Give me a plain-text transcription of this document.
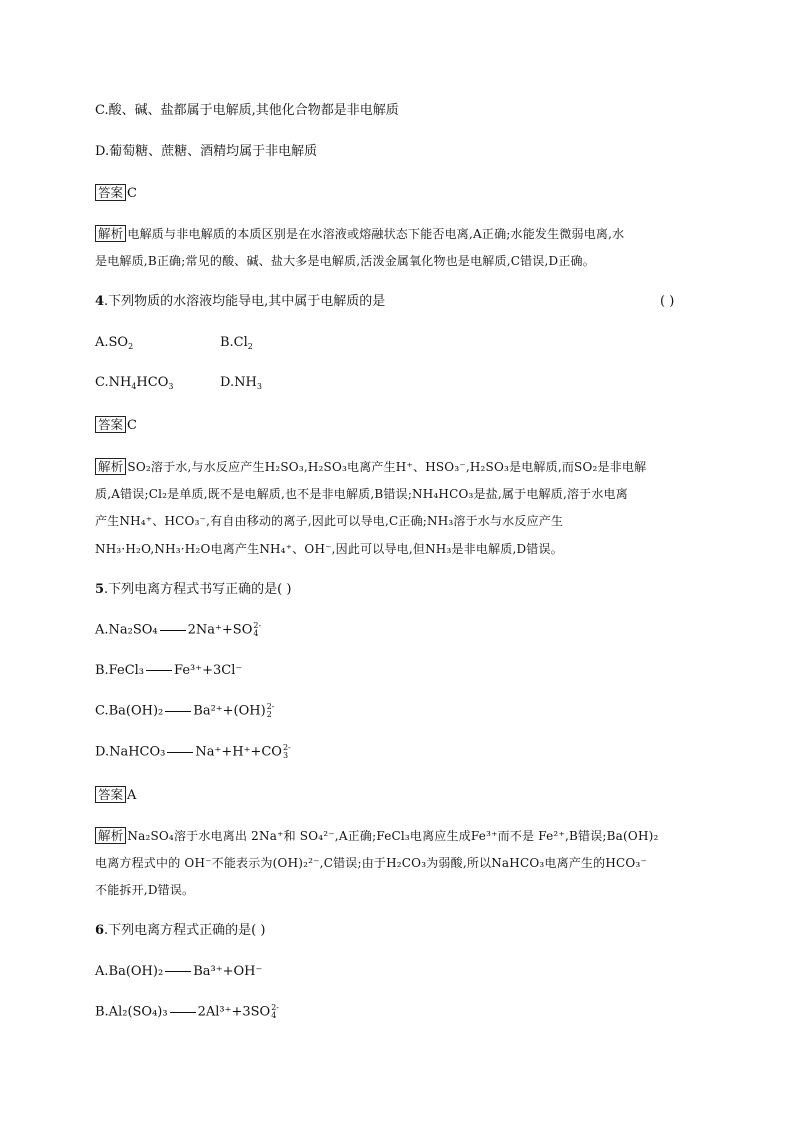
C.酸、碱、盐都属于电解质,其他化合物都是非电解质
D.葡萄糖、蔗糖、酒精均属于非电解质
答案 C
解析 电解质与非电解质的本质区别是在水溶液或熔融状态下能否电离,A正确;水能发生微弱电离,水
是电解质,B正确;常见的酸、碱、盐大多是电解质,活泼金属氧化物也是电解质,C错误,D正确。
4.下列物质的水溶液均能导电,其中属于电解质的是	( )
$A.SO_2$	$B.Cl_2$
$C.NH_4HCO_3$	$D.NH_3$
答案 C
解析 SO₂溶于水,与水反应产生H₂SO₃,H₂SO₃电离产生H⁺、HSO₃⁻,H₂SO₃是电解质,而SO₂是非电解
质,A错误;Cl₂是单质,既不是电解质,也不是非电解质,B错误;NH₄HCO₃是盐,属于电解质,溶于水电离
产生NH₄⁺、HCO₃⁻,有自由移动的离子,因此可以导电,C正确;NH₃溶于水与水反应产生
NH₃·H₂O,NH₃·H₂O电离产生NH₄⁺、OH⁻,因此可以导电,但NH₃是非电解质,D错误。
5.下列电离方程式书写正确的是( )
A.Na₂SO₄ 2Na⁺+SO 2-
4
B.FeCl₃ Fe³⁺+3Cl⁻
C.Ba(OH)₂ Ba²⁺+(OH) 2-
2
D.NaHCO₃ Na⁺+H⁺+CO 2-
3
答案 A
解析 Na₂SO₄溶于水电离出 2Na⁺和 SO₄²⁻,A正确;FeCl₃电离应生成Fe³⁺而不是 Fe²⁺,B错误;Ba(OH)₂
电离方程式中的 OH⁻不能表示为(OH)₂²⁻,C错误;由于H₂CO₃为弱酸,所以NaHCO₃电离产生的HCO₃⁻
不能拆开,D错误。
6.下列电离方程式正确的是( )
A.Ba(OH)₂ Ba³⁺+OH⁻
B.Al₂(SO₄)₃ 2Al³⁺+3SO 2-
4
